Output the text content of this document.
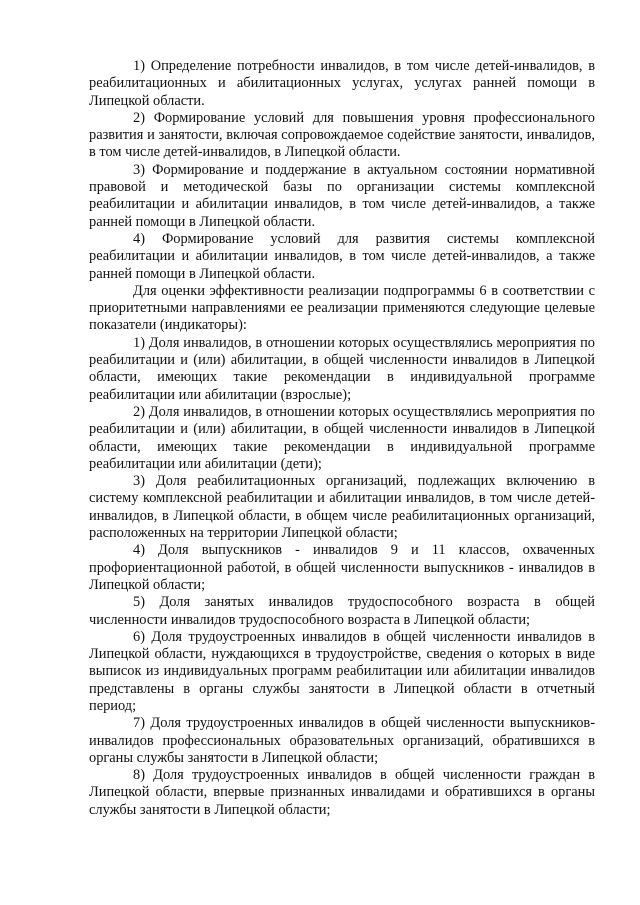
1) Определение потребности инвалидов, в том числе детей-инвалидов, в реабилитационных и абилитационных услугах, услугах ранней помощи в Липецкой области.

2) Формирование условий для повышения уровня профессионального развития и занятости, включая сопровождаемое содействие занятости, инвалидов, в том числе детей-инвалидов, в Липецкой области.

3) Формирование и поддержание в актуальном состоянии нормативной правовой и методической базы по организации системы комплексной реабилитации и абилитации инвалидов, в том числе детей-инвалидов, а также ранней помощи в Липецкой области.

4) Формирование условий для развития системы комплексной реабилитации и абилитации инвалидов, в том числе детей-инвалидов, а также ранней помощи в Липецкой области.

Для оценки эффективности реализации подпрограммы 6 в соответствии с приоритетными направлениями ее реализации применяются следующие целевые показатели (индикаторы):

1) Доля инвалидов, в отношении которых осуществлялись мероприятия по реабилитации и (или) абилитации, в общей численности инвалидов в Липецкой области, имеющих такие рекомендации в индивидуальной программе реабилитации или абилитации (взрослые);

2) Доля инвалидов, в отношении которых осуществлялись мероприятия по реабилитации и (или) абилитации, в общей численности инвалидов в Липецкой области, имеющих такие рекомендации в индивидуальной программе реабилитации или абилитации (дети);

3) Доля реабилитационных организаций, подлежащих включению в систему комплексной реабилитации и абилитации инвалидов, в том числе детей-инвалидов, в Липецкой области, в общем числе реабилитационных организаций, расположенных на территории Липецкой области;

4) Доля выпускников - инвалидов 9 и 11 классов, охваченных профориентационной работой, в общей численности выпускников - инвалидов в Липецкой области;

5) Доля занятых инвалидов трудоспособного возраста в общей численности инвалидов трудоспособного возраста в Липецкой области;

6) Доля трудоустроенных инвалидов в общей численности инвалидов в Липецкой области, нуждающихся в трудоустройстве, сведения о которых в виде выписок из индивидуальных программ реабилитации или абилитации инвалидов представлены в органы службы занятости в Липецкой области в отчетный период;

7) Доля трудоустроенных инвалидов в общей численности выпускников-инвалидов профессиональных образовательных организаций, обратившихся в органы службы занятости в Липецкой области;

8) Доля трудоустроенных инвалидов в общей численности граждан в Липецкой области, впервые признанных инвалидами и обратившихся в органы службы занятости в Липецкой области;
